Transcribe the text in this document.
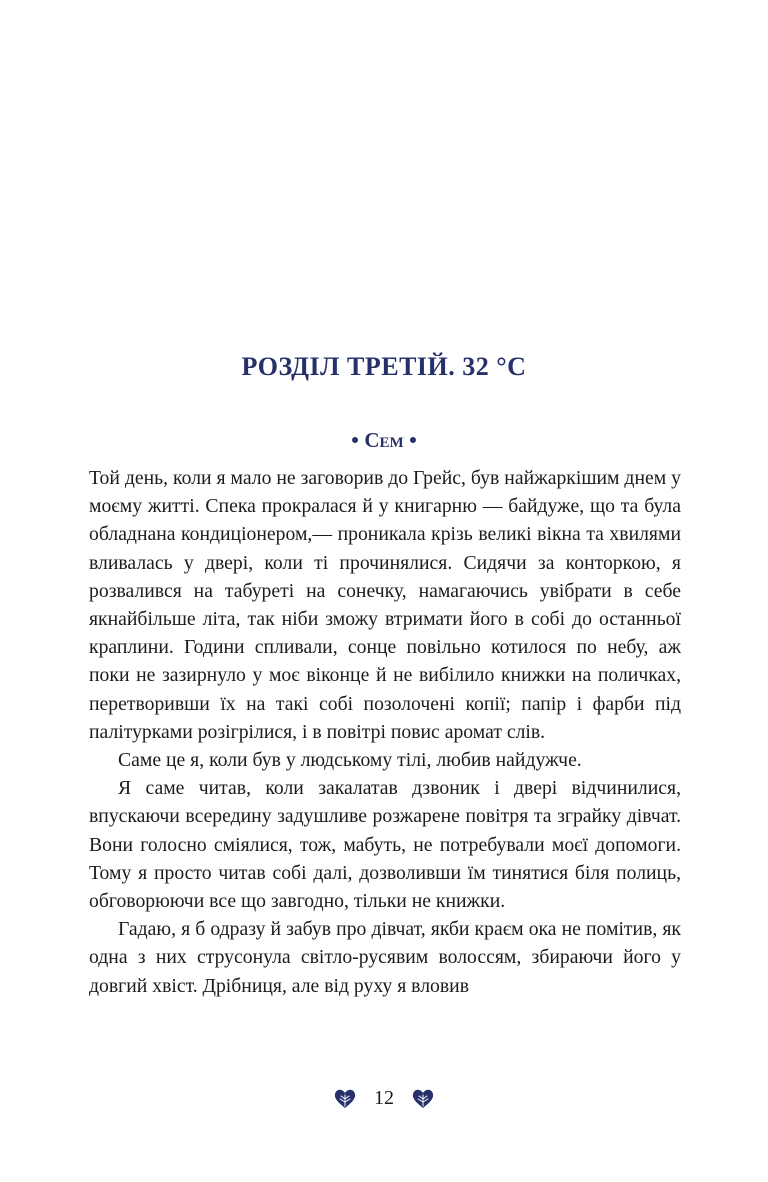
РОЗДІЛ ТРЕТІЙ. 32 °C
Сем

Той день, коли я мало не заговорив до Грейс, був найжаркішим днем у моєму житті. Спека прокралася й у книгарню — байдуже, що та була обладнана кондиціонером,— проникала крізь великі вікна та хвилями вливалась у двері, коли ті прочинялися. Сидячи за конторкою, я розвалився на табуреті на сонечку, намагаючись увібрати в себе якнайбільше літа, так ніби зможу втримати його в собі до останньої краплини. Години спливали, сонце повільно котилося по небу, аж поки не зазирнуло у моє віконце й не вибілило книжки на поличках, перетворивши їх на такі собі позолочені копії; папір і фарби під палітурками розігрілися, і в повітрі повис аромат слів.

Саме це я, коли був у людському тілі, любив найдужче.

Я саме читав, коли закалатав дзвоник і двері відчинилися, впускаючи всередину задушливе розжарене повітря та зграйку дівчат. Вони голосно сміялися, тож, мабуть, не потребували моєї допомоги. Тому я просто читав собі далі, дозволивши їм тинятися біля полиць, обговорюючи все що завгодно, тільки не книжки.

Гадаю, я б одразу й забув про дівчат, якби краєм ока не помітив, як одна з них струсонула світло-русявим волоссям, збираючи його у довгий хвіст. Дрібниця, але від руху я вловив

12
